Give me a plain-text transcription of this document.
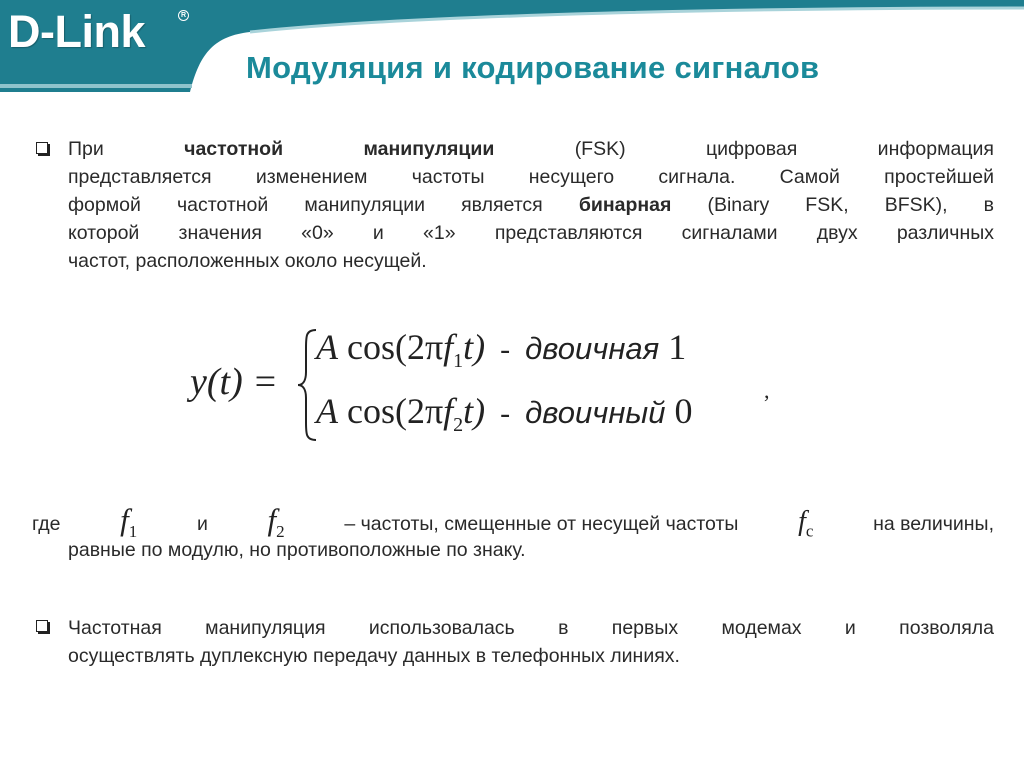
D-Link	R
Модуляция и кодирование сигналов
При	частотной	манипуляции	(FSK)	цифровая	информация
представляется изменением частоты несущего сигнала. Самой простейшей
формой частотной манипуляции является бинарная (Binary FSK, BFSK), в
которой значения «0» и «1» представляются сигналами двух различных
частот, расположенных около несущей.
y(t) =
A $\cos(2\pi f_1t)$ - двоичная 1
A $\cos(2\pi f_2t)$ - двоичный 0
,
где $f_1$	и $f_2$	– частоты, смещенные от несущей частоты $f_c$	на величины,
равные по модулю, но противоположные по знаку.
Частотная манипуляция использовалась в первых модемах и позволяла
осуществлять дуплексную передачу данных в телефонных линиях.
